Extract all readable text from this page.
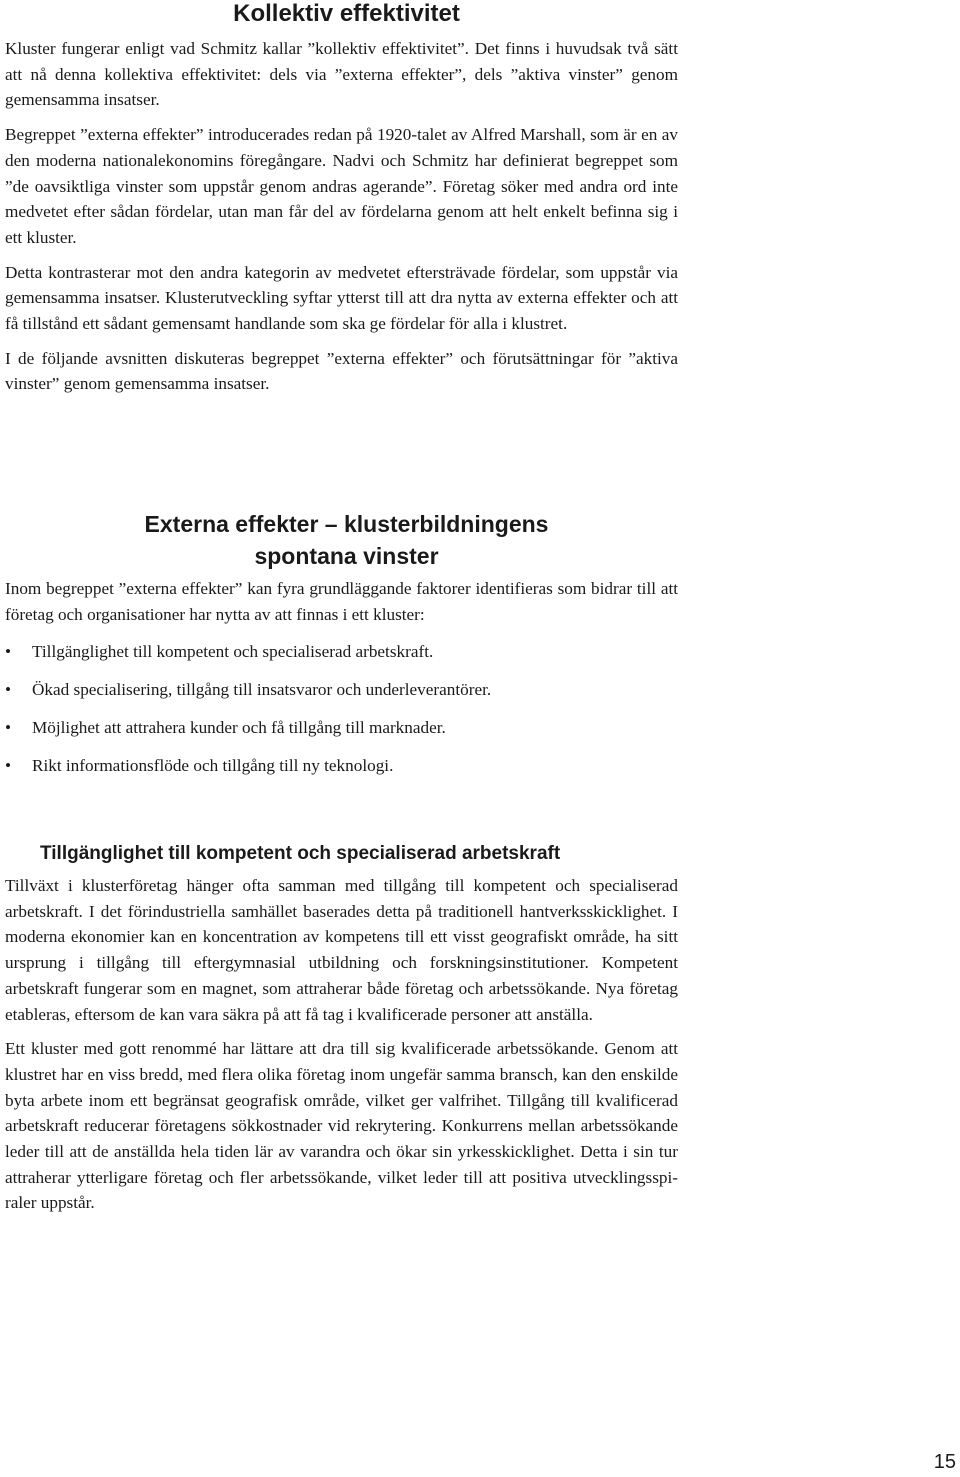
Kollektiv effektivitet

Kluster fungerar enligt vad Schmitz kallar ”kollektiv effektivitet”. Det finns i huvudsak två sätt att nå denna kollektiva effektivitet: dels via ”externa effekter”, dels ”aktiva vinster” genom gemensamma insatser.

Begreppet ”externa effekter” introducerades redan på 1920-talet av Alfred Marshall, som är en av den moderna nationalekonomins föregångare. Nadvi och Schmitz har definierat begreppet som ”de oavsiktliga vinster som uppstår genom andras agerande”. Företag söker med andra ord inte medvetet efter sådan fördelar, utan man får del av fördelarna genom att helt enkelt befinna sig i ett kluster.

Detta kontrasterar mot den andra kategorin av medvetet eftersträvade fördelar, som uppstår via gemensamma insatser. Klusterutveckling syftar ytterst till att dra nytta av externa effekter och att få tillstånd ett sådant gemensamt handlande som ska ge fördelar för alla i klustret.

I de följande avsnitten diskuteras begreppet ”externa effekter” och förutsättningar för ”aktiva vinster” genom gemensamma insatser.

Externa effekter – klusterbildningens
spontana vinster

Inom begreppet ”externa effekter” kan fyra grundläggande faktorer identifieras som bidrar till att företag och organisationer har nytta av att finnas i ett kluster:

• Tillgänglighet till kompetent och specialiserad arbetskraft.
• Ökad specialisering, tillgång till insatsvaror och underleverantörer.
• Möjlighet att attrahera kunder och få tillgång till marknader.
• Rikt informationsflöde och tillgång till ny teknologi.
Tillgänglighet till kompetent och specialiserad arbetskraft

Tillväxt i klusterföretag hänger ofta samman med tillgång till kompetent och specialiserad arbetskraft. I det förindustriella samhället baserades detta på traditionell hantverksskicklighet. I moderna ekonomier kan en koncentration av kompetens till ett visst geografiskt område, ha sitt ursprung i tillgång till eftergymnasial utbildning och forskningsinstitutioner. Kompetent arbetskraft fungerar som en magnet, som attraherar både företag och arbetssökande. Nya företag etableras, eftersom de kan vara säkra på att få tag i kvalificerade personer att anställa.

Ett kluster med gott renommé har lättare att dra till sig kvalificerade arbetssökande. Genom att klustret har en viss bredd, med flera olika företag inom ungefär samma bransch, kan den enskilde byta arbete inom ett begränsat geografisk område, vilket ger valfrihet. Tillgång till kvalificerad arbetskraft reducerar företagens sökkostnader vid rekrytering. Konkurrens mellan arbetssökande leder till att de anställda hela tiden lär av varandra och ökar sin yrkesskicklighet. Detta i sin tur attraherar ytterligare företag och fler arbetssökande, vilket leder till att positiva utvecklingsspiraler uppstår.

15
